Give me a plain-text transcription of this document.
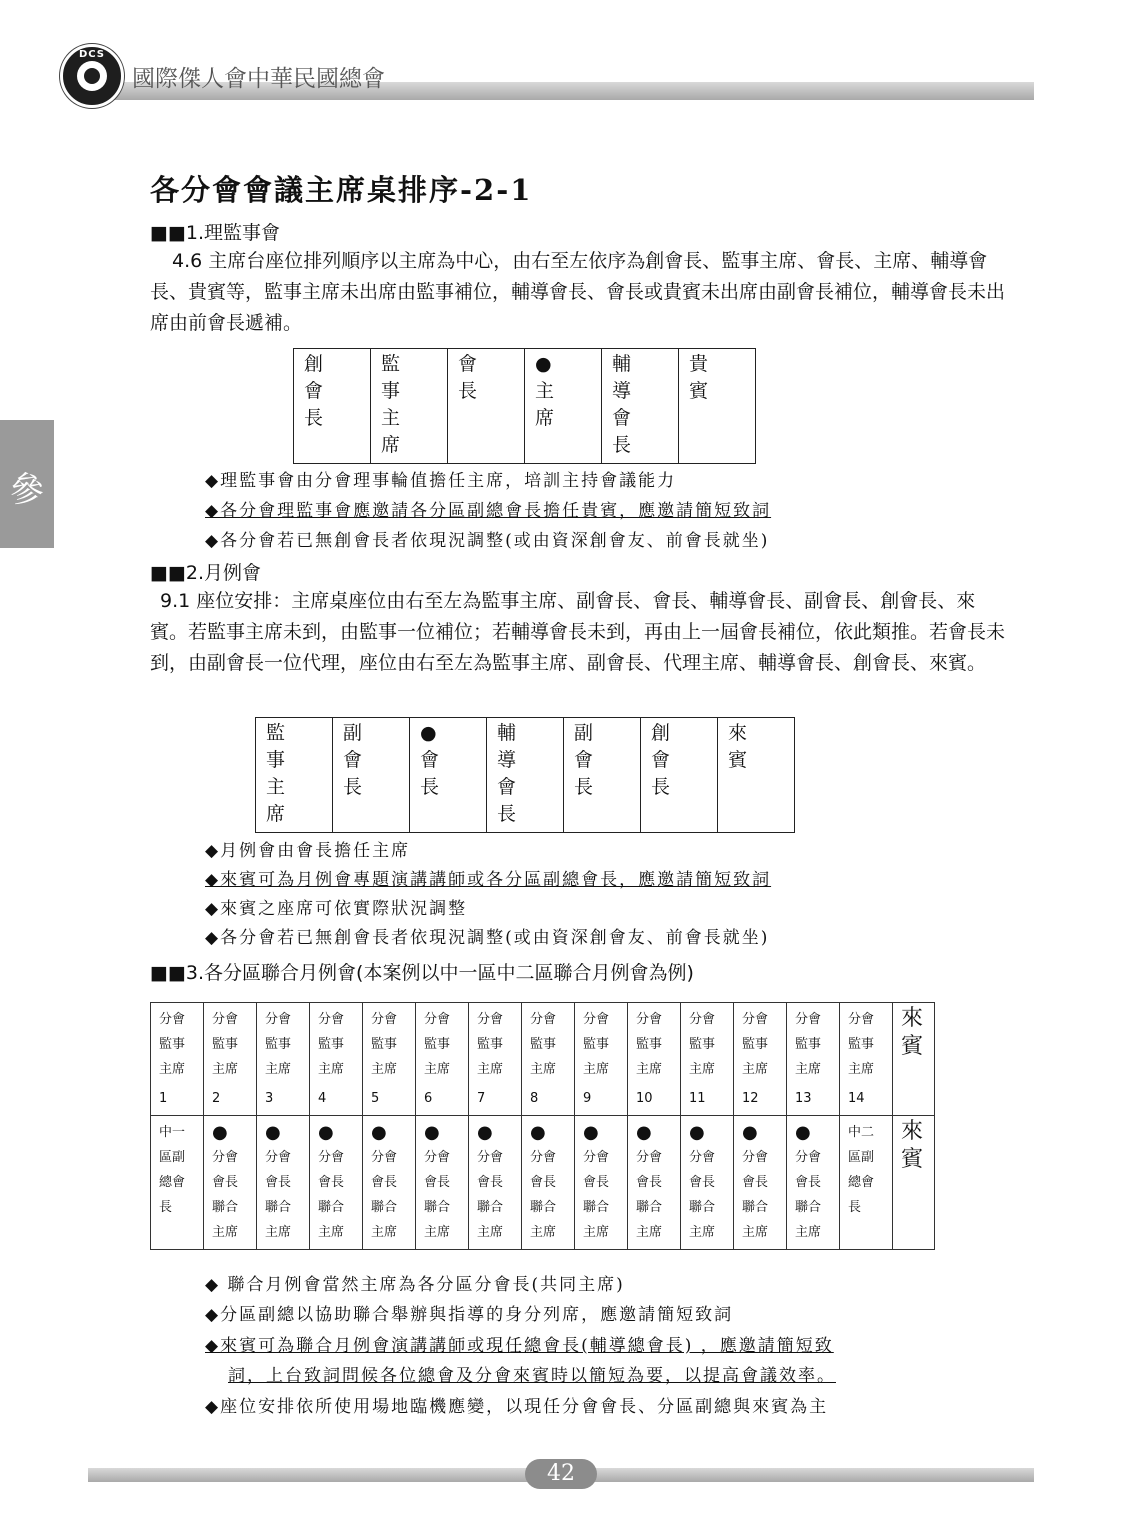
DCS
國際傑人會中華民國總會
參
各分會會議主席桌排序-2-1
■■1.理監事會
4.6 主席台座位排列順序以主席為中心，由右至左依序為創會長、監事主席、會長、主席、輔導會長、貴賓等，監事主席未出席由監事補位，輔導會長、會長或貴賓未出席由副會長補位，輔導會長未出席由前會長遞補。
創
會
長

監
事
主
席

會
長

●
主
席

輔
導
會
長

貴
賓
◆理監事會由分會理事輪值擔任主席，培訓主持會議能力
◆各分會理監事會應邀請各分區副總會長擔任貴賓，應邀請簡短致詞
◆各分會若已無創會長者依現況調整(或由資深創會友、前會長就坐)
■■2.月例會
9.1 座位安排：主席桌座位由右至左為監事主席、副會長、會長、輔導會長、副會長、創會長、來賓。若監事主席未到，由監事一位補位；若輔導會長未到，再由上一屆會長補位，依此類推。若會長未到，由副會長一位代理，座位由右至左為監事主席、副會長、代理主席、輔導會長、創會長、來賓。
監
事
主
席

副
會
長

●
會
長

輔
導
會
長

副
會
長

創
會
長

來
賓
◆月例會由會長擔任主席
◆來賓可為月例會專題演講講師或各分區副總會長，應邀請簡短致詞
◆來賓之座席可依實際狀況調整
◆各分會若已無創會長者依現況調整(或由資深創會友、前會長就坐)
■■3.各分區聯合月例會(本案例以中一區中二區聯合月例會為例)
分會
監事
主席
1	分會
監事
主席
2	分會
監事
主席
3	分會
監事
主席
4	分會
監事
主席
5	分會
監事
主席
6	分會
監事
主席
7	分會
監事
主席
8	分會
監事
主席
9	分會
監事
主席
10	分會
監事
主席
11	分會
監事
主席
12	分會
監事
主席
13	分會
監事
主席
14	來
賓

中一
區副
總會
長	●
分會
會長
聯合
主席	●
分會
會長
聯合
主席	●
分會
會長
聯合
主席	●
分會
會長
聯合
主席	●
分會
會長
聯合
主席	●
分會
會長
聯合
主席	●
分會
會長
聯合
主席	●
分會
會長
聯合
主席	●
分會
會長
聯合
主席	●
分會
會長
聯合
主席	●
分會
會長
聯合
主席	●
分會
會長
聯合
主席	中二
區副
總會
長	來
賓
◆ 聯合月例會當然主席為各分區分會長(共同主席)
◆分區副總以協助聯合舉辦與指導的身分列席，應邀請簡短致詞
◆來賓可為聯合月例會演講講師或現任總會長(輔導總會長) ，應邀請簡短致
詞，上台致詞問候各位總會及分會來賓時以簡短為要，以提高會議效率。
◆座位安排依所使用場地臨機應變，以現任分會會長、分區副總與來賓為主
42
